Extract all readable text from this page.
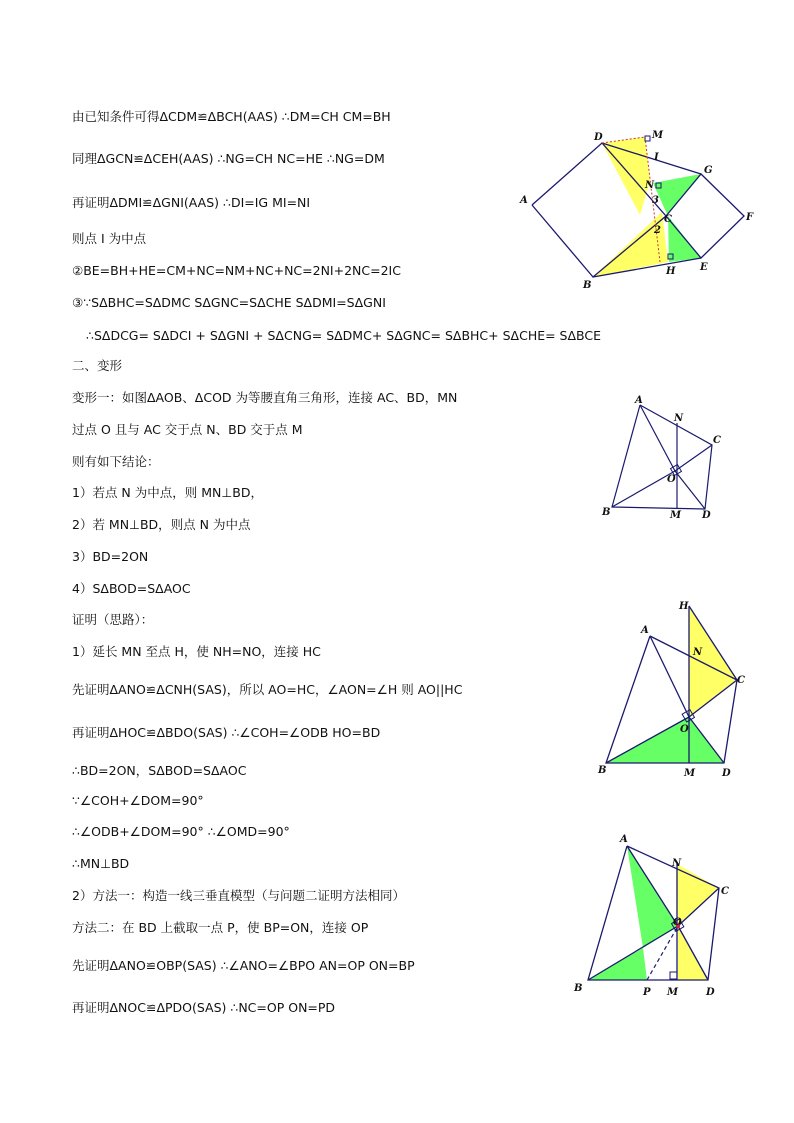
由已知条件可得ΔCDM≌ΔBCH(AAS) ∴DM=CH CM=BH
同理ΔGCN≌ΔCEH(AAS) ∴NG=CH NC=HE ∴NG=DM
再证明ΔDMI≌ΔGNI(AAS) ∴DI=IG MI=NI
则点 I 为中点
②BE=BH+HE=CM+NC=NM+NC+NC=2NI+2NC=2IC
③∵SΔBHC=SΔDMC SΔGNC=SΔCHE SΔDMI=SΔGNI
∴SΔDCG= SΔDCI + SΔGNI + SΔCNG= SΔDMC+ SΔGNC= SΔBHC+ SΔCHE= SΔBCE
二、变形
变形一：如图ΔAOB、ΔCOD 为等腰直角三角形，连接 AC、BD，MN
过点 O 且与 AC 交于点 N、BD 交于点 M
则有如下结论：
1）若点 N 为中点，则 MN⊥BD，
2）若 MN⊥BD，则点 N 为中点
3）BD=2ON
4）SΔBOD=SΔAOC
证明（思路）：
1）延长 MN 至点 H，使 NH=NO，连接 HC
先证明ΔANO≌ΔCNH(SAS)，所以 AO=HC，∠AON=∠H 则 AO||HC
再证明ΔHOC≌ΔBDO(SAS) ∴∠COH=∠ODB HO=BD
∴BD=2ON，SΔBOD=SΔAOC
∵∠COH+∠DOM=90°
∴∠ODB+∠DOM=90° ∴∠OMD=90°
∴MN⊥BD
2）方法一：构造一线三垂直模型（与问题二证明方法相同）
方法二：在 BD 上截取一点 P，使 BP=ON，连接 OP
先证明ΔANO≌OBP(SAS) ∴∠ANO=∠BPO AN=OP ON=BP
再证明ΔNOC≌ΔPDO(SAS) ∴NC=OP ON=PD
D	M
I
G
N
3
C
2
A
F
B
H E
A
N
C
O
B	M D
H
A
N
C
O
B	M	D
A
N
C
O
B	P M	D
